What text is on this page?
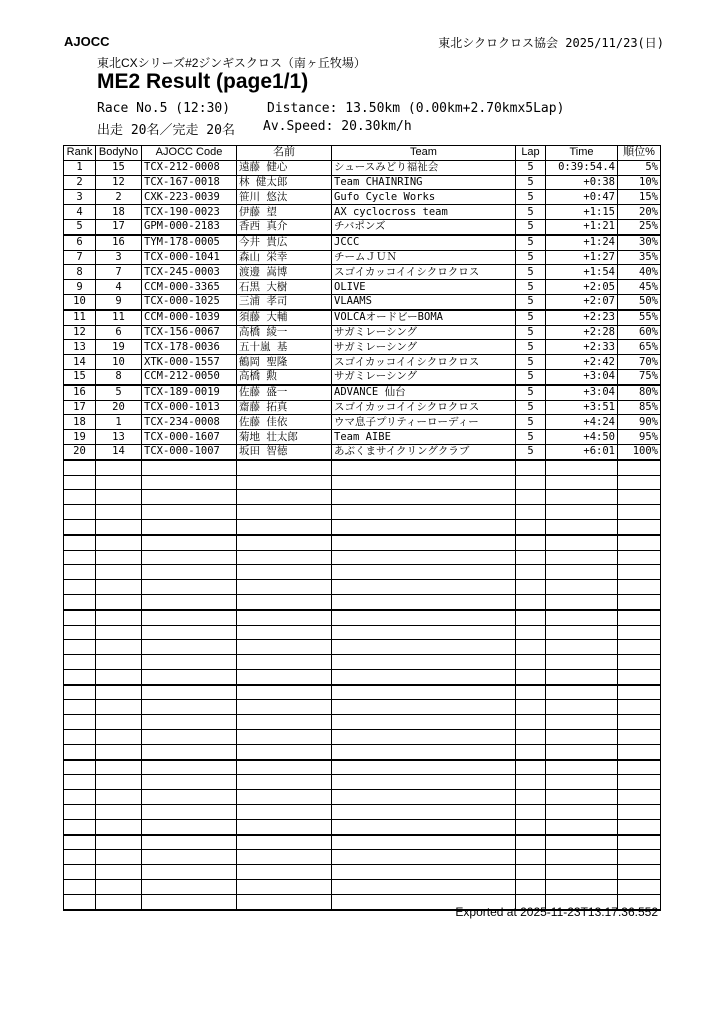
AJOCC	東北シクロクロス協会 2025/11/23(日)
東北CXシリーズ#2ジンギスクロス（南ヶ丘牧場）
ME2 Result (page1/1)
Race No.5 (12:30)	Distance: 13.50km (0.00km+2.70kmx5Lap)
出走 20名／完走 20名	Av.Speed: 20.30km/h
Rank	BodyNo	AJOCC Code	名前	Team	Lap	Time	順位%
1	15	TCX-212-0008	遠藤 健心	シュースみどり福祉会	5	0:39:54.4	5%
2	12	TCX-167-0018	林 健太郎	Team CHAINRING	5	+0:38	10%
3	2	CXK-223-0039	笹川 悠汰	Gufo Cycle Works	5	+0:47	15%
4	18	TCX-190-0023	伊藤 望	AX cyclocross team	5	+1:15	20%
5	17	GPM-000-2183	香西 真介	チバポンズ	5	+1:21	25%
6	16	TYM-178-0005	今井 貴広	JCCC	5	+1:24	30%
7	3	TCX-000-1041	森山 栄幸	チームＪＵＮ	5	+1:27	35%
8	7	TCX-245-0003	渡邊 嵩博	スゴイカッコイイシクロクロス	5	+1:54	40%
9	4	CCM-000-3365	石黒 大樹	OLIVE	5	+2:05	45%
10	9	TCX-000-1025	三浦 孝司	VLAAMS	5	+2:07	50%
11	11	CCM-000-1039	須藤 大輔	VOLCAオードビーBOMA	5	+2:23	55%
12	6	TCX-156-0067	高橋 綾一	サガミレーシング	5	+2:28	60%
13	19	TCX-178-0036	五十嵐 基	サガミレーシング	5	+2:33	65%
14	10	XTK-000-1557	鶴岡 聖隆	スゴイカッコイイシクロクロス	5	+2:42	70%
15	8	CCM-212-0050	高橋 勲	サガミレーシング	5	+3:04	75%
16	5	TCX-189-0019	佐藤 盛一	ADVANCE 仙台	5	+3:04	80%
17	20	TCX-000-1013	齋藤 拓真	スゴイカッコイイシクロクロス	5	+3:51	85%
18	1	TCX-234-0008	佐藤 佳依	ウマ息子プリティーローディー	5	+4:24	90%
19	13	TCX-000-1607	菊地 壮太郎	Team AIBE	5	+4:50	95%
20	14	TCX-000-1007	坂田 智徳	あぶくまサイクリングクラブ	5	+6:01	100%

Exported at 2025-11-23T13:17:36.552
